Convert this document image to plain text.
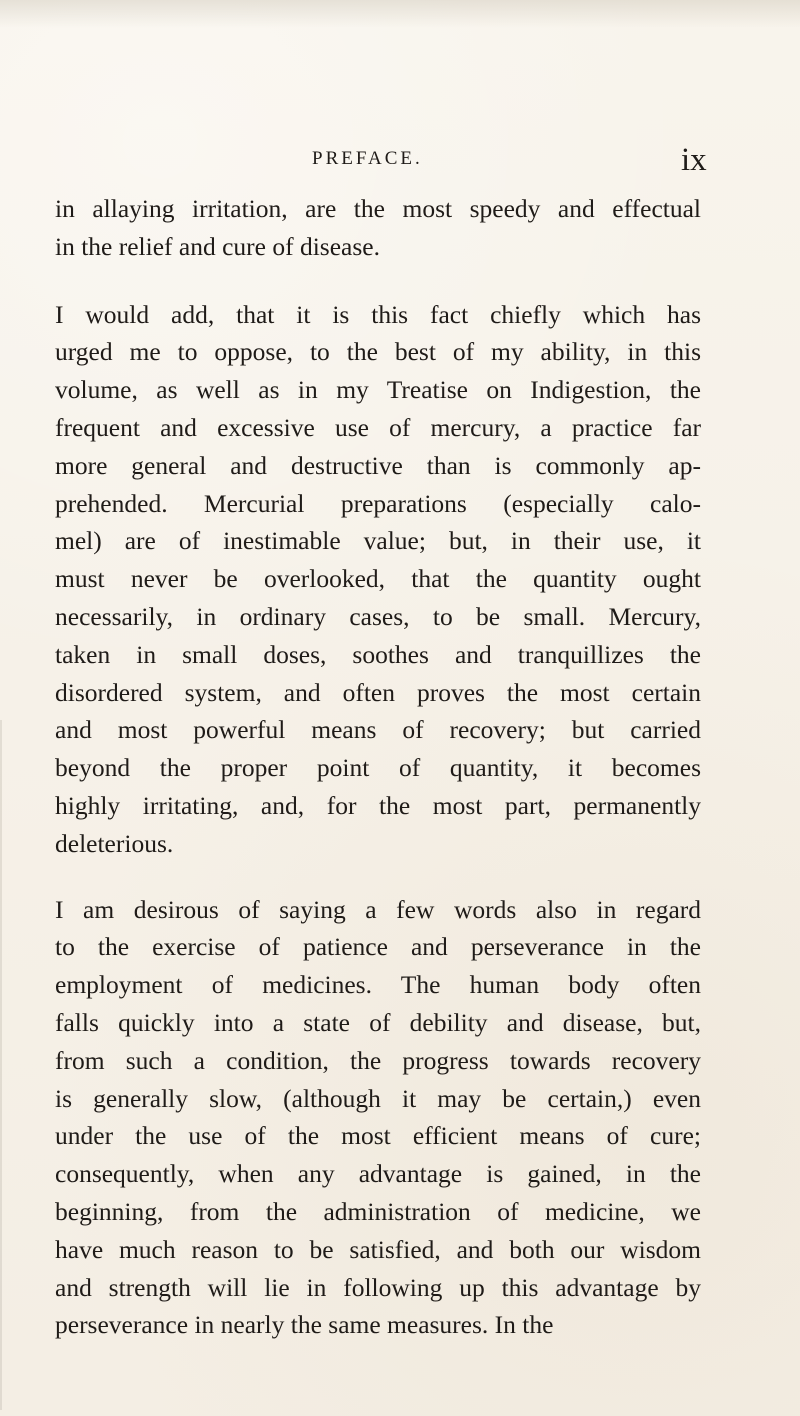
PREFACE.	ix
in allaying irritation, are the most speedy and effectual
in the relief and cure of disease.
I would add, that it is this fact chiefly which has
urged me to oppose, to the best of my ability, in this
volume, as well as in my Treatise on Indigestion, the
frequent and excessive use of mercury, a practice far
more general and destructive than is commonly ap-
prehended. Mercurial preparations (especially calo-
mel) are of inestimable value; but, in their use, it
must never be overlooked, that the quantity ought
necessarily, in ordinary cases, to be small. Mercury,
taken in small doses, soothes and tranquillizes the
disordered system, and often proves the most certain
and most powerful means of recovery; but carried
beyond the proper point of quantity, it becomes
highly irritating, and, for the most part, permanently
deleterious.
I am desirous of saying a few words also in regard
to the exercise of patience and perseverance in the
employment of medicines. The human body often
falls quickly into a state of debility and disease, but,
from such a condition, the progress towards recovery
is generally slow, (although it may be certain,) even
under the use of the most efficient means of cure;
consequently, when any advantage is gained, in the
beginning, from the administration of medicine, we
have much reason to be satisfied, and both our wisdom
and strength will lie in following up this advantage by
perseverance in nearly the same measures. In the
